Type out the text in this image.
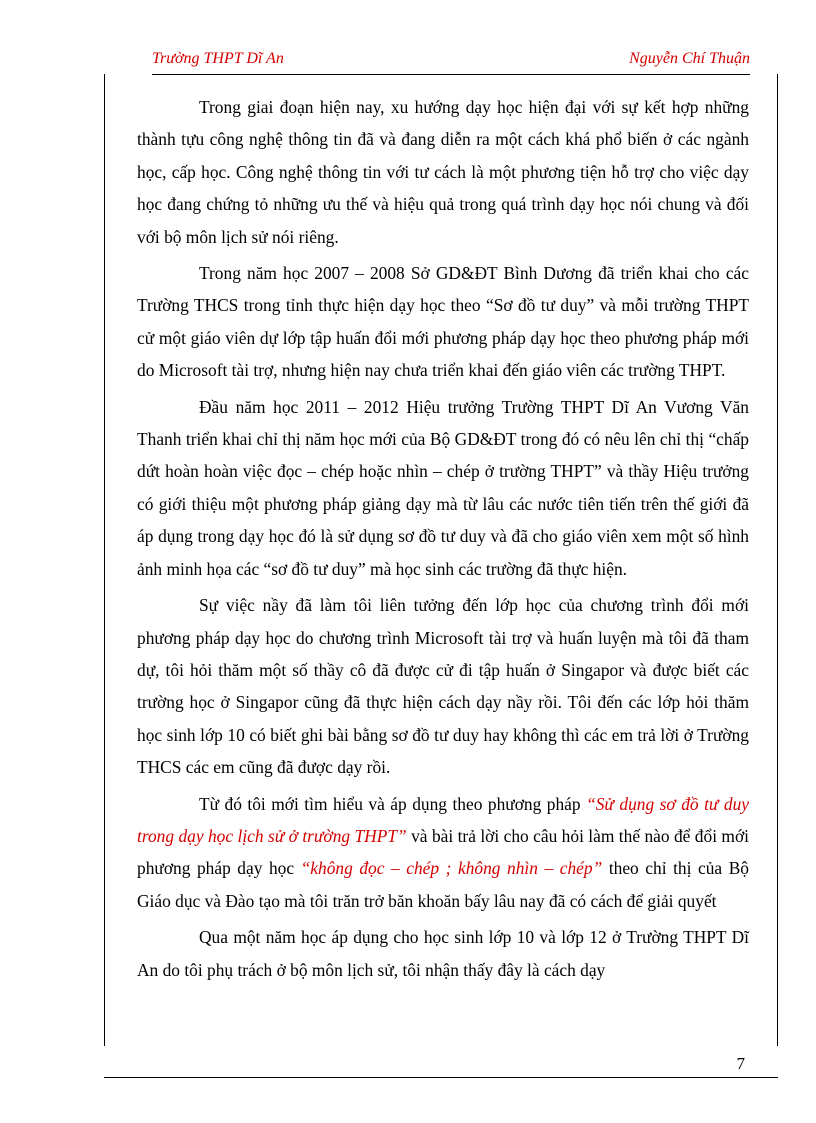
Trường THPT Dĩ An	Nguyễn Chí Thuận

Trong giai đoạn hiện nay, xu hướng dạy học hiện đại với sự kết hợp những thành tựu công nghệ thông tin đã và đang diễn ra một cách khá phổ biến ở các ngành học, cấp học. Công nghệ thông tin với tư cách là một phương tiện hỗ trợ cho việc dạy học đang chứng tỏ những ưu thế và hiệu quả trong quá trình dạy học nói chung và đối với bộ môn lịch sử nói riêng.

Trong năm học 2007 – 2008 Sở GD&ĐT Bình Dương đã triển khai cho các Trường THCS trong tỉnh thực hiện dạy học theo “Sơ đồ tư duy” và mỗi trường THPT cử một giáo viên dự lớp tập huấn đổi mới phương pháp dạy học theo phương pháp mới do Microsoft tài trợ, nhưng hiện nay chưa triển khai đến giáo viên các trường THPT.

Đầu năm học 2011 – 2012 Hiệu trưởng Trường THPT Dĩ An Vương Văn Thanh triển khai chỉ thị năm học mới của Bộ GD&ĐT trong đó có nêu lên chỉ thị “chấp dứt hoàn hoàn việc đọc – chép hoặc nhìn – chép ở trường THPT” và thầy Hiệu trưởng có giới thiệu một phương pháp giảng dạy mà từ lâu các nước tiên tiến trên thế giới đã áp dụng trong dạy học đó là sử dụng sơ đồ tư duy và đã cho giáo viên xem một số hình ảnh minh họa các “sơ đồ tư duy” mà học sinh các trường đã thực hiện.

Sự việc nầy đã làm tôi liên tưởng đến lớp học của chương trình đổi mới phương pháp dạy học do chương trình Microsoft tài trợ và huấn luyện mà tôi đã tham dự, tôi hỏi thăm một số thầy cô đã được cử đi tập huấn ở Singapor và được biết các trường học ở Singapor cũng đã thực hiện cách dạy nầy rồi. Tôi đến các lớp hỏi thăm học sinh lớp 10 có biết ghi bài bằng sơ đồ tư duy hay không thì các em trả lời ở Trường THCS các em cũng đã được dạy rồi.

Từ đó tôi mới tìm hiểu và áp dụng theo phương pháp “Sử dụng sơ đồ tư duy trong dạy học lịch sử ở trường THPT” và bài trả lời cho câu hỏi làm thế nào để đổi mới phương pháp dạy học “không đọc – chép ; không nhìn – chép” theo chỉ thị của Bộ Giáo dục và Đào tạo mà tôi trăn trở băn khoăn bấy lâu nay đã có cách để giải quyết

Qua một năm học áp dụng cho học sinh lớp 10 và lớp 12 ở Trường THPT Dĩ An do tôi phụ trách ở bộ môn lịch sử, tôi nhận thấy đây là cách dạy

7
